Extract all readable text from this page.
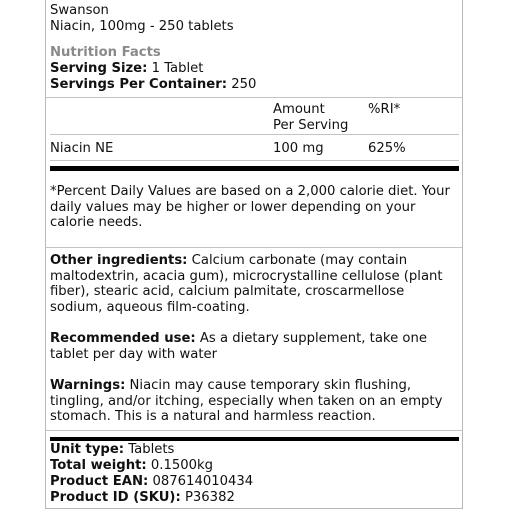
Swanson
Niacin, 100mg - 250 tablets
Nutrition Facts
Serving Size: 1 Tablet
Servings Per Container: 250
Amount
Per Serving
%RI*
Niacin NE	100 mg	625%
*Percent Daily Values are based on a 2,000 calorie diet. Your daily values may be higher or lower depending on your calorie needs.
Other ingredients: Calcium carbonate (may contain maltodextrin, acacia gum), microcrystalline cellulose (plant fiber), stearic acid, calcium palmitate, croscarmellose sodium, aqueous film-coating.
Recommended use: As a dietary supplement, take one tablet per day with water
Warnings: Niacin may cause temporary skin flushing, tingling, and/or itching, especially when taken on an empty stomach. This is a natural and harmless reaction.
Unit type: Tablets
Total weight: 0.1500kg
Product EAN: 087614010434
Product ID (SKU): P36382
